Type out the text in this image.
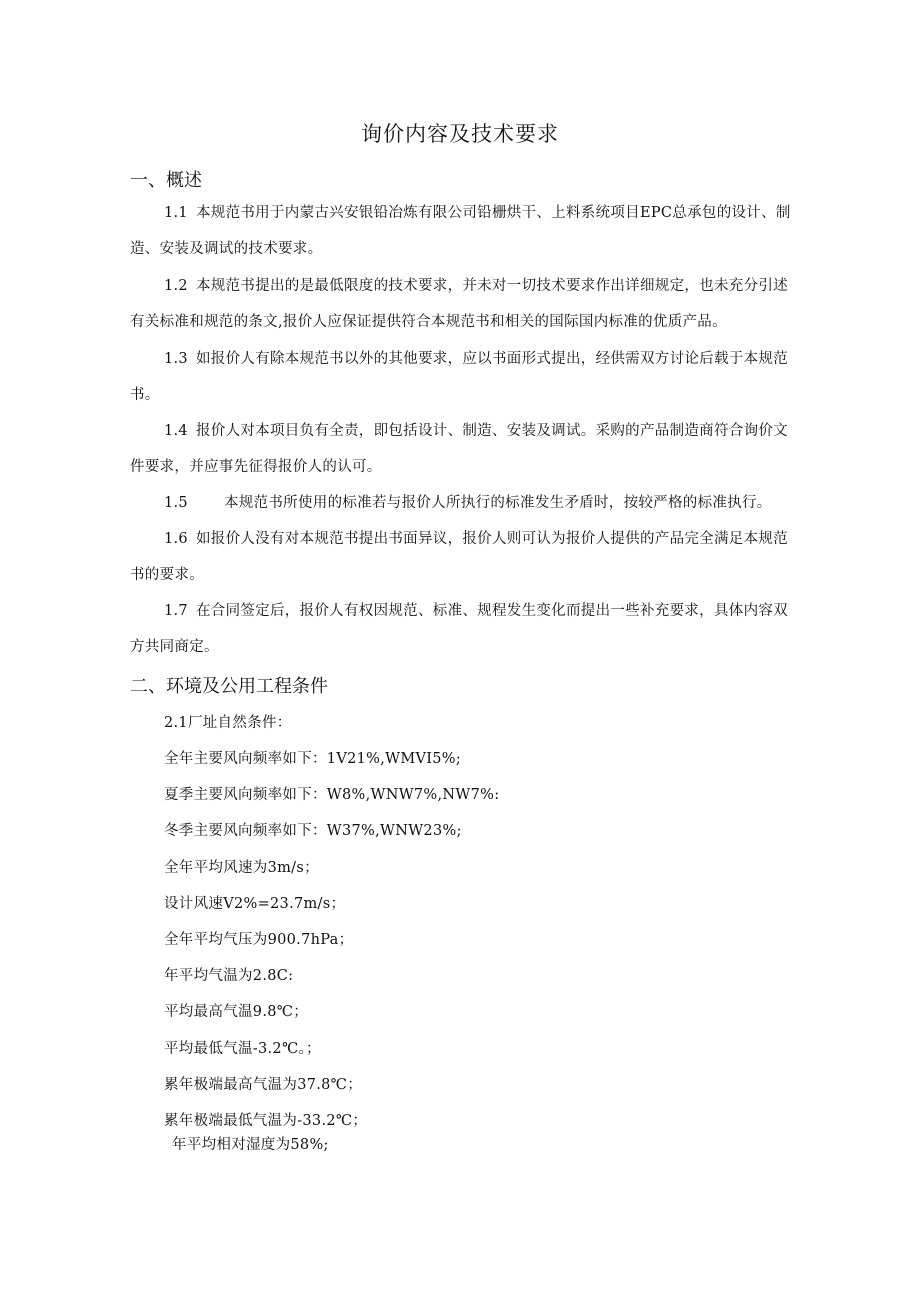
询价内容及技术要求
一、概述
1.1 本规范书用于内蒙古兴安银铅冶炼有限公司铅栅烘干、上料系统项目EPC总承包的设计、制造、安装及调试的技术要求。
1.2 本规范书提出的是最低限度的技术要求，并未对一切技术要求作出详细规定，也未充分引述有关标准和规范的条文,报价人应保证提供符合本规范书和相关的国际国内标准的优质产品。
1.3 如报价人有除本规范书以外的其他要求，应以书面形式提出，经供需双方讨论后载于本规范书。
1.4 报价人对本项目负有全责，即包括设计、制造、安装及调试。采购的产品制造商符合询价文件要求，并应事先征得报价人的认可。
1.5 本规范书所使用的标准若与报价人所执行的标准发生矛盾时，按较严格的标准执行。
1.6 如报价人没有对本规范书提出书面异议，报价人则可认为报价人提供的产品完全满足本规范书的要求。
1.7 在合同签定后，报价人有权因规范、标准、规程发生变化而提出一些补充要求，具体内容双方共同商定。
二、环境及公用工程条件
2.1厂址自然条件：
全年主要风向频率如下：1V21%,WMVI5%;
夏季主要风向频率如下：W8%,WNW7%,NW7%:
冬季主要风向频率如下：W37%,WNW23%;
全年平均风速为3m/s；
设计风速V2%=23.7m/s；
全年平均气压为900.7hPa；
年平均气温为2.8C:
平均最高气温9.8℃；
平均最低气温-3.2℃。；
累年极端最高气温为37.8℃；
累年极端最低气温为-33.2℃；
年平均相对湿度为58%;
